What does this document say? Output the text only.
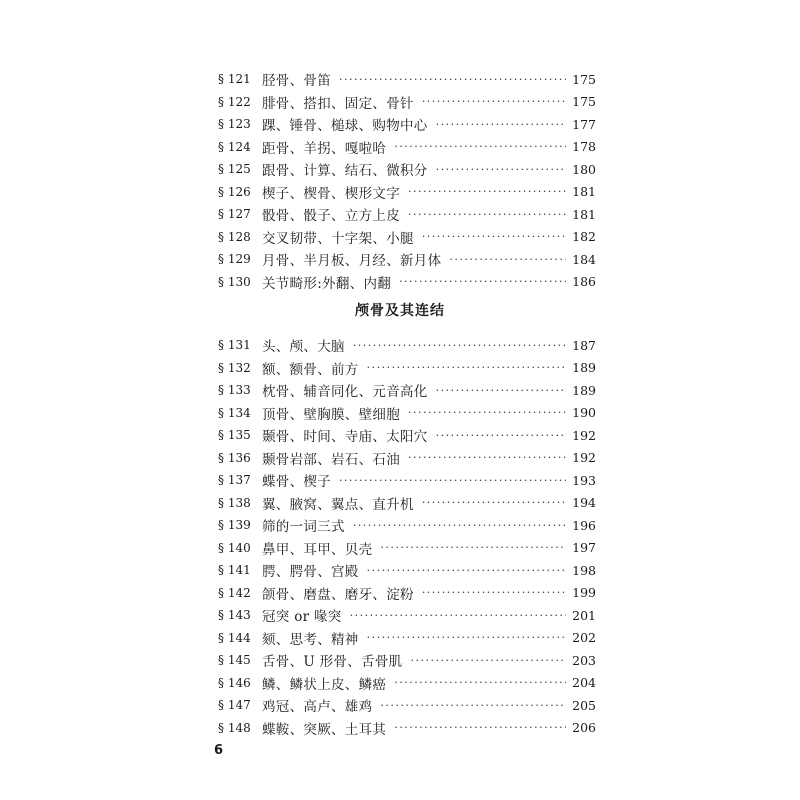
§ 121 胫骨、骨笛 ·····	175
§ 122 腓骨、搭扣、固定、骨针 ·····	175
§ 123 踝、锤骨、槌球、购物中心 ·····	177
§ 124 距骨、羊拐、嘎啦哈 ·····	178
§ 125 跟骨、计算、结石、微积分 ·····	180
§ 126 楔子、楔骨、楔形文字 ·····	181
§ 127 骰骨、骰子、立方上皮 ·····	181
§ 128 交叉韧带、十字架、小腿 ·····	182
§ 129 月骨、半月板、月经、新月体 ·····	184
§ 130 关节畸形:外翻、内翻 ·····	186
颅骨及其连结
§ 131 头、颅、大脑 ·····	187
§ 132 额、额骨、前方 ·····	189
§ 133 枕骨、辅音同化、元音高化 ·····	189
§ 134 顶骨、壁胸膜、壁细胞 ·····	190
§ 135 颞骨、时间、寺庙、太阳穴 ·····	192
§ 136 颞骨岩部、岩石、石油 ·····	192
§ 137 蝶骨、楔子 ·····	193
§ 138 翼、腋窝、翼点、直升机 ·····	194
§ 139 筛的一词三式 ·····	196
§ 140 鼻甲、耳甲、贝壳 ·····	197
§ 141 腭、腭骨、宫殿 ·····	198
§ 142 颌骨、磨盘、磨牙、淀粉 ·····	199
§ 143 冠突 or 喙突 ·····	201
§ 144 颏、思考、精神 ·····	202
§ 145 舌骨、U 形骨、舌骨肌 ·····	203
§ 146 鳞、鳞状上皮、鳞癌 ·····	204
§ 147 鸡冠、高卢、雄鸡 ·····	205
§ 148 蝶鞍、突厥、土耳其 ·····	206
6
